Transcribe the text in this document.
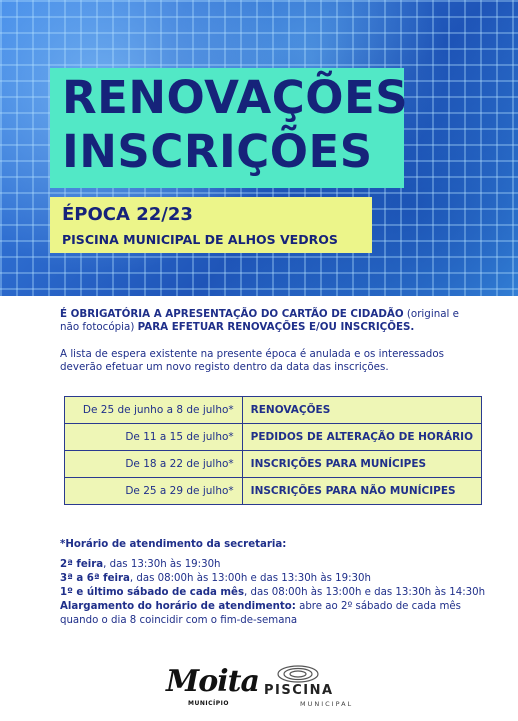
RENOVAÇÕES
INSCRIÇÕES
ÉPOCA 22/23
PISCINA MUNICIPAL DE ALHOS VEDROS
É OBRIGATÓRIA A APRESENTAÇÃO DO CARTÃO DE CIDADÃO (original e não fotocópia) PARA EFETUAR RENOVAÇÕES E/OU INSCRIÇÕES.
A lista de espera existente na presente época é anulada e os interessados deverão efetuar um novo registo dentro da data das inscrições.
De 25 de junho a 8 de julho*	RENOVAÇÕES
De 11 a 15 de julho*	PEDIDOS DE ALTERAÇÃO DE HORÁRIO
De 18 a 22 de julho*	INSCRIÇÕES PARA MUNÍCIPES
De 25 a 29 de julho*	INSCRIÇÕES PARA NÃO MUNÍCIPES
*Horário de atendimento da secretaria:
2ª feira, das 13:30h às 19:30h
3ª a 6ª feira, das 08:00h às 13:00h e das 13:30h às 19:30h
1º e último sábado de cada mês, das 08:00h às 13:00h e das 13:30h às 14:30h
Alargamento do horário de atendimento: abre ao 2º sábado de cada mês quando o dia 8 coincidir com o fim-de-semana
Moita
MUNICÍPIO
PISCINA
MUNICIPAL
